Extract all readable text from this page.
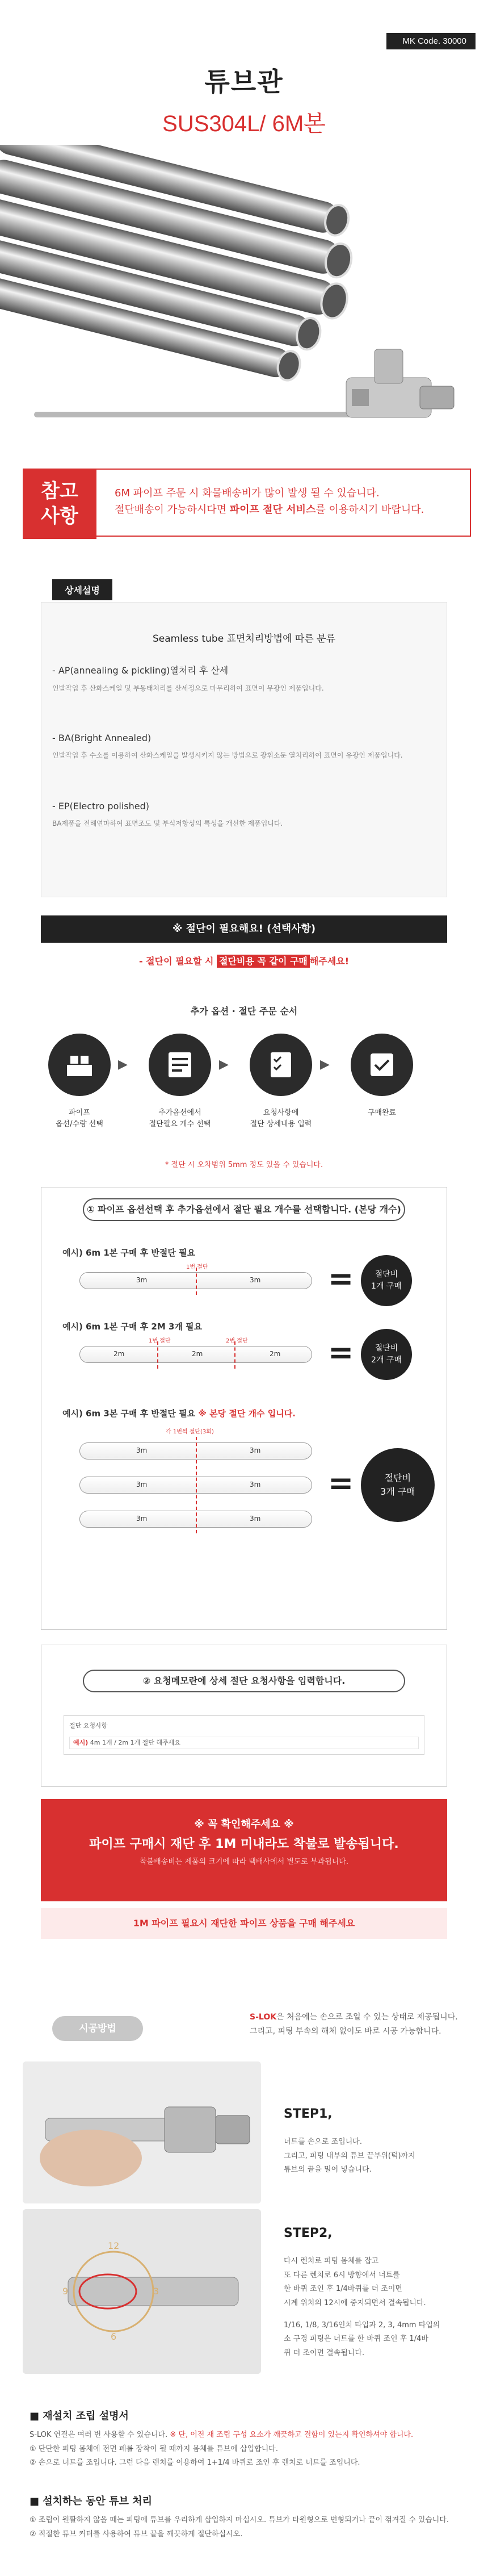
MK Code. 30000
튜브관
SUS304L/ 6M본
참고
사항
6M 파이프 주문 시 화물배송비가 많이 발생 될 수 있습니다.
절단배송이 가능하시다면 파이프 절단 서비스를 이용하시기 바랍니다.
상세설명
Seamless tube 표면처리방법에 따른 분류
- AP(annealing & pickling)열처리 후 산세
인발작업 후 산화스케일 및 부동태처리를 산세정으로 마무리하여 표면이 무광인 제품입니다.
- BA(Bright Annealed)
인발작업 후 수소를 이용하여 산화스케일을 발생시키지 않는 방법으로 광휘소둔 열처리하여 표면이 유광인 제품입니다.
- EP(Electro polished)
BA제품을 전해연마하여 표면조도 및 부식저항성의 특성을 개선한 제품입니다.
※ 절단이 필요해요! (선택사항)
- 절단이 필요할 시 절단비용 꼭 같이 구매 해주세요!
추가 옵션 · 절단 주문 순서
▶	▶	▶
파이프
옵션/수량 선택
추가옵션에서
절단필요 개수 선택
요청사항에
절단 상세내용 입력
구매완료
* 절단 시 오차범위 5mm 정도 있을 수 있습니다.
① 파이프 옵션선택 후 추가옵션에서 절단 필요 개수를 선택합니다. (본당 개수)
예시) 6m 1본 구매 후 반절단 필요
1번 절단
3m	3m =	절단비
1개 구매
예시) 6m 1본 구매 후 2M 3개 필요
1번 절단	2번 절단
2m	2m	2m =	절단비
2개 구매
예시) 6m 3본 구매 후 반절단 필요 ※ 본당 절단 개수 입니다.
각 1번씩 절단(3회)
3m	3m
3m	3m
3m	3m
=	절단비
3개 구매
② 요청메모란에 상세 절단 요청사항을 입력합니다.
절단 요청사항
예시) 4m 1개 / 2m 1개 절단 해주세요
※ 꼭 확인해주세요 ※
파이프 구매시 재단 후 1M 미내라도 착불로 발송됩니다.
착불배송비는 제품의 크기에 따라 택배사에서 별도로 부과됩니다.
1M 파이프 필요시 재단한 파이프 상품을 구매 해주세요
시공방법
S-LOK은 처음에는 손으로 조일 수 있는 상태로 제공됩니다.
그리고, 피팅 부속의 해체 없이도 바로 시공 가능합니다.
STEP1,
너트를 손으로 조입니다.
그리고, 피팅 내부의 튜브 끝부위(턱)까지
튜브의 끝을 밀어 넣습니다.
12
3
6
9
STEP2,
다시 렌치로 피팅 몸체를 잡고
또 다른 렌치로 6시 방향에서 너트를
한 바퀴 조인 후 1/4바퀴를 더 조이면
시계 위치의 12시에 중지되면서 결속됩니다.
1/16, 1/8, 3/16인치 타입과 2, 3, 4mm 타입의
소 구경 피팅은 너트를 한 바퀴 조인 후 1/4바
퀴 더 조이면 결속됩니다.
■ 재설치 조립 설명서
S-LOK 연결은 여러 번 사용할 수 있습니다. ※ 단, 이전 재 조립 구성 요소가 깨끗하고 결함이 있는지 확인하셔야 합니다.
① 단단한 피팅 몸체에 전면 페롤 장착이 될 때까지 몸체를 튜브에 삽입합니다.
② 손으로 너트를 조입니다. 그런 다음 렌치를 이용하여 1+1/4 바퀴로 조인 후 렌치로 너트를 조입니다.
■ 설치하는 동안 튜브 처리
① 조립이 원활하지 않을 때는 피팅에 튜브를 우리하게 삽입하지 마십시오. 튜브가 타원형으로 변형되거나 끝이 꺾겨질 수 있습니다.
② 적절한 튜브 커터를 사용하여 튜브 끝을 깨끗하게 절단하십시오.
